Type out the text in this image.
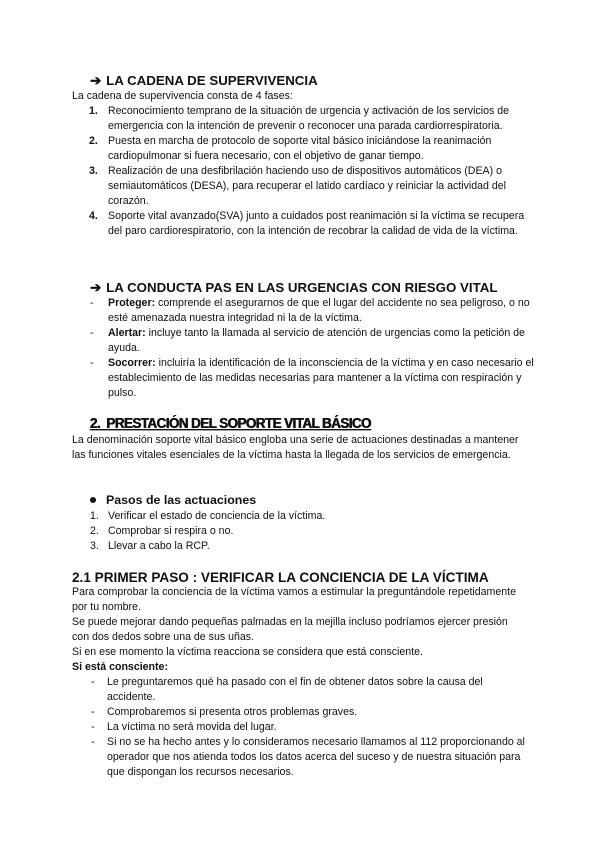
➔ LA CADENA DE SUPERVIVENCIA
La cadena de supervivencia consta de 4 fases:
1. Reconocimiento temprano de la situación de urgencia y activación de los servicios de emergencia con la intención de prevenir o reconocer una parada cardiorrespiratoria.
2. Puesta en marcha de protocolo de soporte vital básico iniciándose la reanimación cardiopulmonar si fuera necesario, con el objetivo de ganar tiempo.
3. Realización de una desfibrilación haciendo uso de dispositivos automáticos (DEA) o semiautomáticos (DESA), para recuperar el latido cardíaco y reiniciar la actividad del corazón.
4. Soporte vital avanzado(SVA) junto a cuidados post reanimación si la víctima se recupera del paro cardiorespiratorio, con la intención de recobrar la calidad de vida de la víctima.
➔ LA CONDUCTA PAS EN LAS URGENCIAS CON RIESGO VITAL
- Proteger: comprende el asegurarnos de que el lugar del accidente no sea peligroso, o no esté amenazada nuestra integridad ni la de la víctima.
- Alertar: incluye tanto la llamada al servicio de atención de urgencias como la petición de ayuda.
- Socorrer: incluiría la identificación de la inconsciencia de la víctima y en caso necesario el establecimiento de las medidas necesarias para mantener a la víctima con respiración y pulso.
2. PRESTACIÓN DEL SOPORTE VITAL BÁSICO
La denominación soporte vital básico engloba una serie de actuaciones destinadas a mantener las funciones vitales esenciales de la víctima hasta la llegada de los servicios de emergencia.
Pasos de las actuaciones
1. Verificar el estado de conciencia de la víctima.
2. Comprobar si respira o no.
3. Llevar a cabo la RCP.
2.1 PRIMER PASO : VERIFICAR LA CONCIENCIA DE LA VÍCTIMA
Para comprobar la conciencia de la víctima vamos a estimular la preguntándole repetidamente por tu nombre.
Se puede mejorar dando pequeñas palmadas en la mejilla incluso podríamos ejercer presión con dos dedos sobre una de sus uñas.
Si en ese momento la víctima reacciona se considera que está consciente.
Si está consciente:
- Le preguntaremos qué ha pasado con el fin de obtener datos sobre la causa del accidente.
- Comprobaremos si presenta otros problemas graves.
- La víctima no será movida del lugar.
- Si no se ha hecho antes y lo consideramos necesario llamamos al 112 proporcionando al operador que nos atienda todos los datos acerca del suceso y de nuestra situación para que dispongan los recursos necesarios.
